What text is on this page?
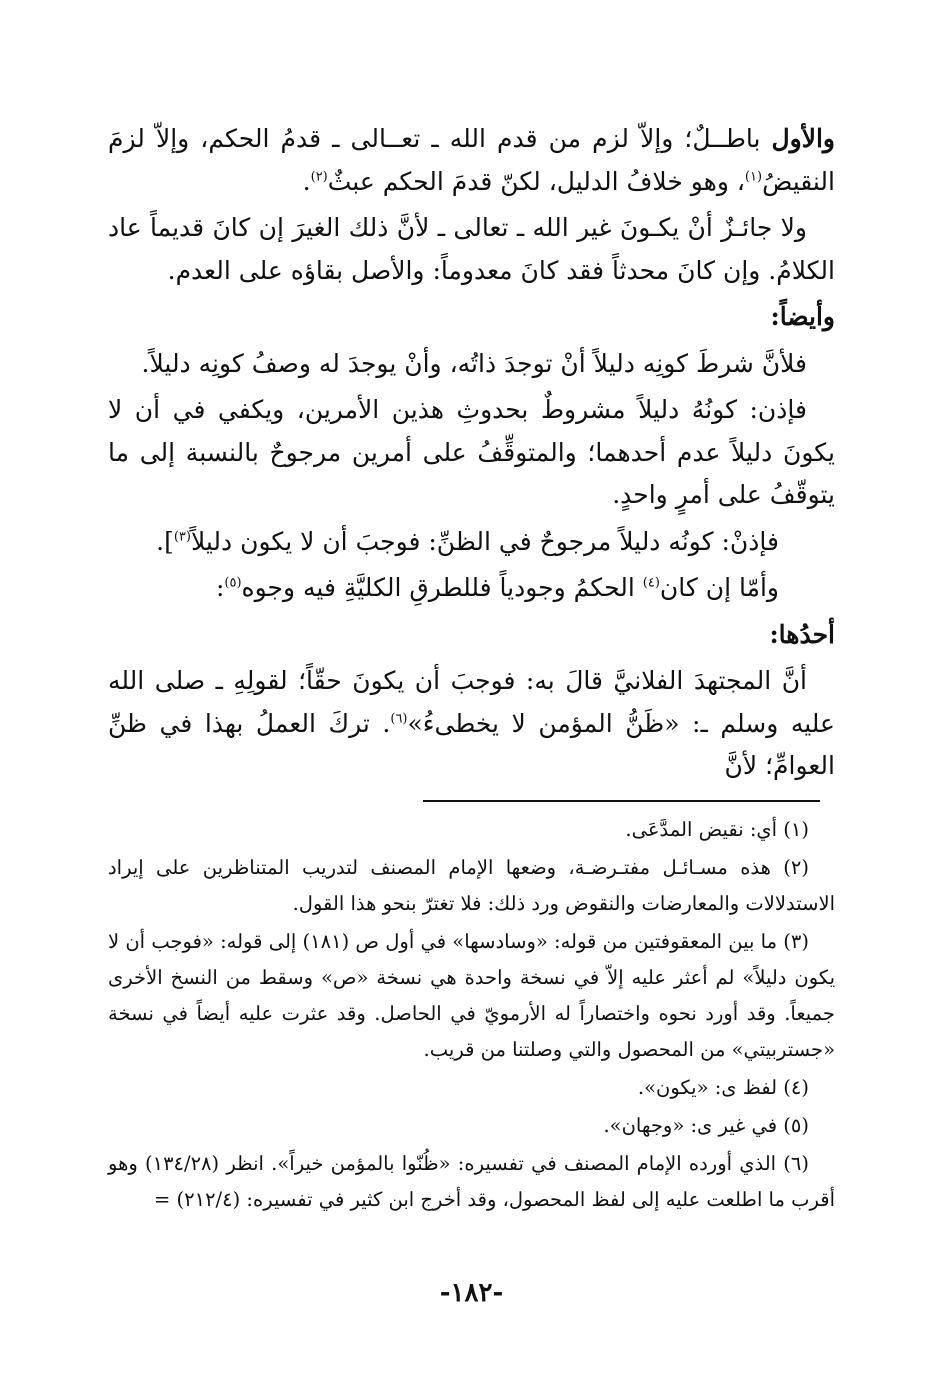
والأول باطــلٌ؛ وإلاّ لزم من قدم الله ـ تعــالى ـ قدمُ الحكم، وإلاّ لزمَ النقيضُ$^{(١)}$، وهو خلافُ الدليل، لكنّ قدمَ الحكم عبثٌ$^{(٢)}$.

ولا جائـزٌ أنْ يكـونَ غير الله ـ تعالى ـ لأنَّ ذلك الغيرَ إن كانَ قديماً عاد الكلامُ. وإن كانَ محدثاً فقد كانَ معدوماً: والأصل بقاؤه على العدم.

وأيضاً:

فلأنَّ شرطَ كونِه دليلاً أنْ توجدَ ذاتُه، وأنْ يوجدَ له وصفُ كونِه دليلاً.

فإذن: كونُهُ دليلاً مشروطٌ بحدوثِ هذين الأمرين، ويكفي في أن لا يكونَ دليلاً عدم أحدهما؛ والمتوقِّفُ على أمرين مرجوحٌ بالنسبة إلى ما يتوقّفُ على أمرٍ واحدٍ.

فإذنْ: كونُه دليلاً مرجوحٌ في الظنِّ: فوجبَ أن لا يكون دليلاً$^{(٣)}$].

وأمّا إن كان$^{(٤)}$ الحكمُ وجودياً فللطرقِ الكليَّةِ فيه وجوه$^{(٥)}$:

أحدُها:

أنَّ المجتهدَ الفلانيَّ قالَ به: فوجبَ أن يكونَ حقّاً؛ لقولِهِ ـ صلى الله عليه وسلم ـ: «ظَنُّ المؤمن لا يخطىءُ»$^{(٦)}$. تركَ العملُ بهذا في ظنِّ العوامِّ؛ لأنَّ

(١) أي: نقيض المدَّعَى.

(٢) هذه مسـائـل مفتـرضـة، وضعها الإمام المصنف لتدريب المتناظرين على إيراد الاستدلالات والمعارضات والنقوض ورد ذلك: فلا تغترّ بنحو هذا القول.

(٣) ما بين المعقوفتين من قوله: «وسادسها» في أول ص (١٨١) إلى قوله: «فوجب أن لا يكون دليلاً» لم أعثر عليه إلاّ في نسخة واحدة هي نسخة «ص» وسقط من النسخ الأخرى جميعاً. وقد أورد نحوه واختصاراً له الأرمويّ في الحاصل. وقد عثرت عليه أيضاً في نسخة «جستربيتي» من المحصول والتي وصلتنا من قريب.

(٤) لفظ ى: «يكون».

(٥) في غير ى: «وجهان».

(٦) الذي أورده الإمام المصنف في تفسيره: «ظُنّوا بالمؤمن خيراً». انظر (١٣٤/٢٨) وهو أقرب ما اطلعت عليه إلى لفظ المحصول، وقد أخرج ابن كثير في تفسيره: (٢١٢/٤) =

-١٨٢-
